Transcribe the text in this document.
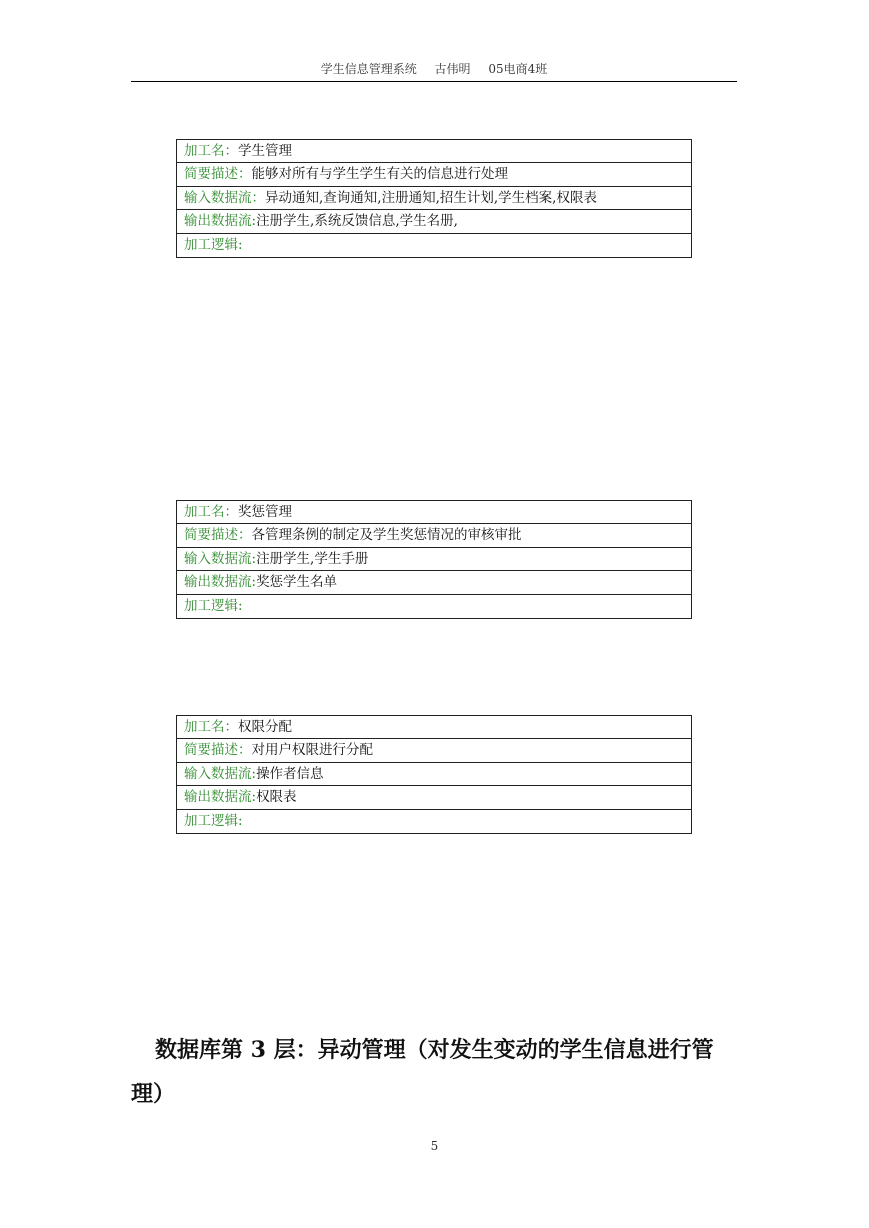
学生信息管理系统 古伟明 05电商4班
加工名：学生管理
简要描述：能够对所有与学生学生有关的信息进行处理
输入数据流：异动通知,查询通知,注册通知,招生计划,学生档案,权限表
输出数据流:注册学生,系统反馈信息,学生名册,
加工逻辑:
加工名：奖惩管理
简要描述：各管理条例的制定及学生奖惩情况的审核审批
输入数据流:注册学生,学生手册
输出数据流:奖惩学生名单
加工逻辑:
加工名：权限分配
简要描述：对用户权限进行分配
输入数据流:操作者信息
输出数据流:权限表
加工逻辑:
数据库第 3 层：异动管理（对发生变动的学生信息进行管理）
5
